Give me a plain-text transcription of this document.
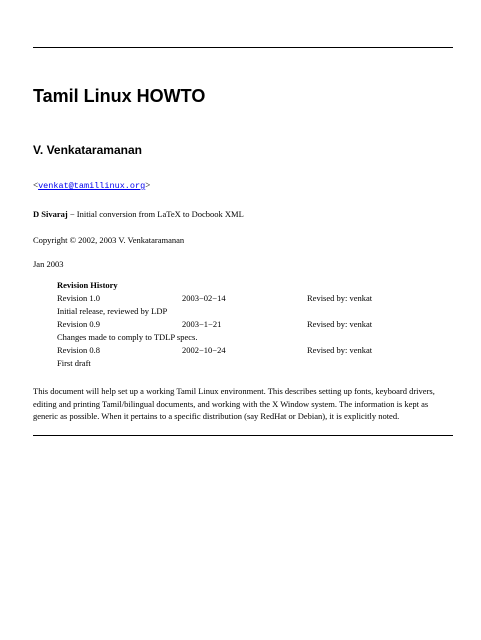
Tamil Linux HOWTO
V. Venkataramanan
<venkat@tamillinux.org>
D Sivaraj − Initial conversion from LaTeX to Docbook XML
Copyright © 2002, 2003 V. Venkataramanan
Jan 2003
Revision History
Revision 1.0	2003−02−14	Revised by: venkat
Initial release, reviewed by LDP
Revision 0.9	2003−1−21	Revised by: venkat
Changes made to comply to TDLP specs.
Revision 0.8	2002−10−24	Revised by: venkat
First draft

This document will help set up a working Tamil Linux environment. This describes setting up fonts, keyboard drivers, editing and printing Tamil/bilingual documents, and working with the X Window system. The information is kept as generic as possible. When it pertains to a specific distribution (say RedHat or Debian), it is explicitly noted.
